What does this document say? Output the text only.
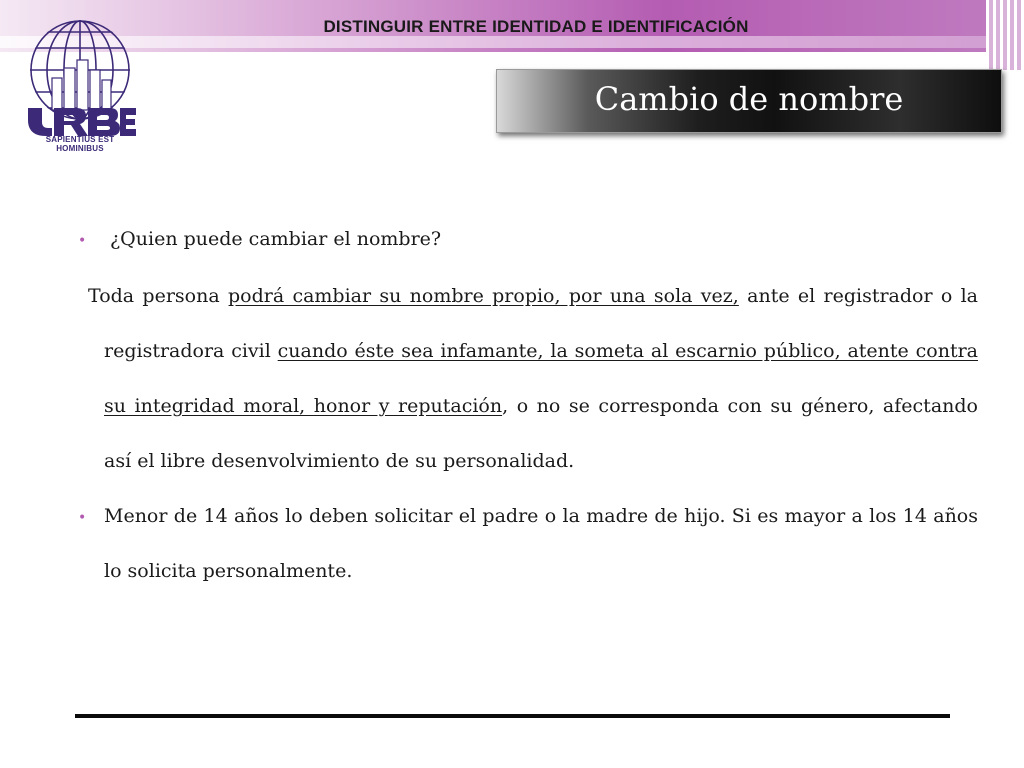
DISTINGUIR ENTRE IDENTIDAD E IDENTIFICACIÓN
SAPIENTIUS EST HOMINIBUS
Cambio de nombre
•	¿Quien puede cambiar el nombre?
Toda persona podrá cambiar su nombre propio, por una sola vez, ante el registrador o la registradora civil cuando éste sea infamante, la someta al escarnio público, atente contra su integridad moral, honor y reputación, o no se corresponda con su género, afectando así el libre desenvolvimiento de su personalidad.
• Menor de 14 años lo deben solicitar el padre o la madre de hijo. Si es mayor a los 14 años lo solicita personalmente.
